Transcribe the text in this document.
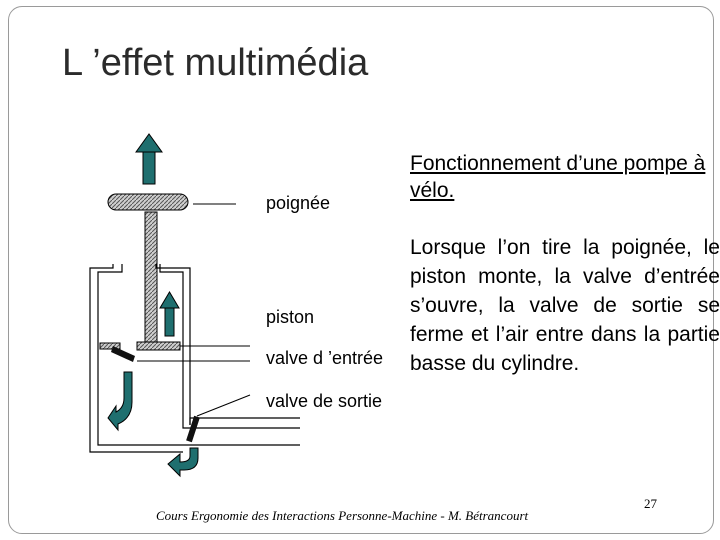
L ’effet multimédia
poignée
piston
valve d ’entrée
valve de sortie
Fonctionnement d’une pompe à vélo.
Lorsque l’on tire la poignée, le piston monte, la valve d’entrée s’ouvre, la valve de sortie se ferme et l’air entre dans la partie basse du cylindre.
Cours Ergonomie des Interactions Personne-Machine - M. Bétrancourt
27
